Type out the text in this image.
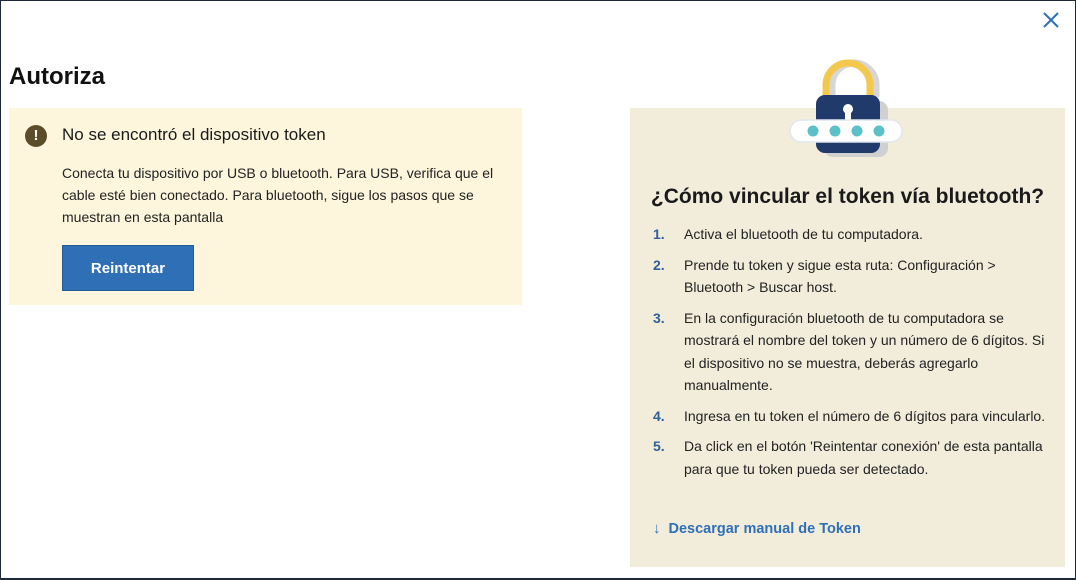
Autoriza
!	No se encontró el dispositivo token

Conecta tu dispositivo por USB o bluetooth. Para USB, verifica que el cable esté bien conectado. Para bluetooth, sigue los pasos que se muestran en esta pantalla

Reintentar
¿Cómo vincular el token vía bluetooth?
1.	Activa el bluetooth de tu computadora.
2.	Prende tu token y sigue esta ruta: Configuración > Bluetooth > Buscar host.
3.	En la configuración bluetooth de tu computadora se mostrará el nombre del token y un número de 6 dígitos. Si el dispositivo no se muestra, deberás agregarlo manualmente.
4.	Ingresa en tu token el número de 6 dígitos para vincularlo.
5.	Da click en el botón 'Reintentar conexión' de esta pantalla para que tu token pueda ser detectado.
↓ Descargar manual de Token
